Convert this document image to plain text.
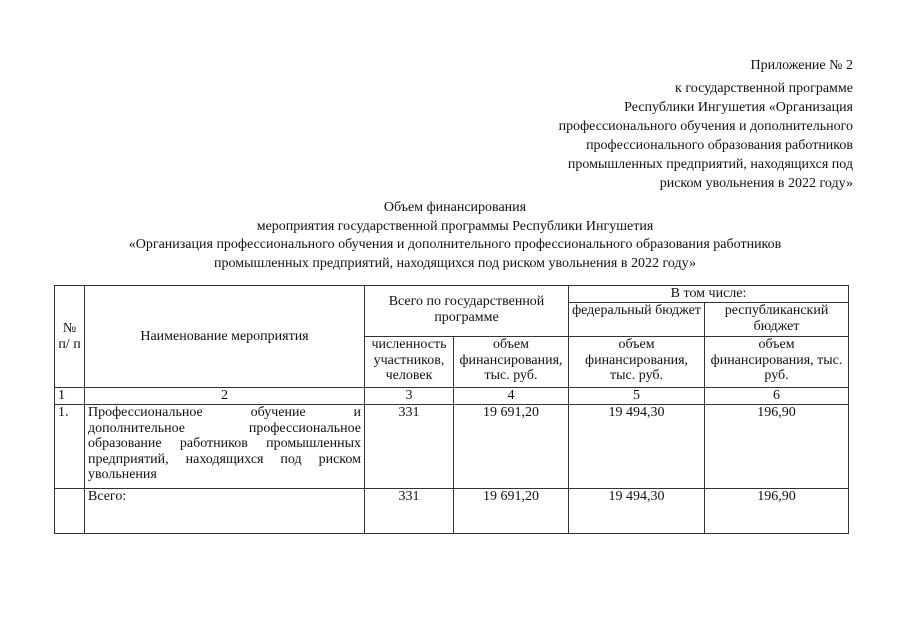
Приложение № 2
к государственной программе
Республики Ингушетия «Организация
профессионального обучения и дополнительного
профессионального образования работников
промышленных предприятий, находящихся под
риском увольнения в 2022 году»
Объем финансирования
мероприятия государственной программы Республики Ингушетия
«Организация профессионального обучения и дополнительного профессионального образования работников
промышленных предприятий, находящихся под риском увольнения в 2022 году»
№ п/ п	Наименование мероприятия	Всего по государственной программе		В том числе:	
				федеральный бюджет	республиканский бюджет
		численность участников, человек	объем финансирования, тыс. руб.	объем финансирования, тыс. руб.	объем финансирования, тыс. руб.
1	2	3	4	5	6
1.	Профессиональное обучение и дополнительное профессиональное образование работников промышленных предприятий, находящихся под риском увольнения	331	19 691,20	19 494,30	196,90
	Всего:	331	19 691,20	19 494,30	196,90
